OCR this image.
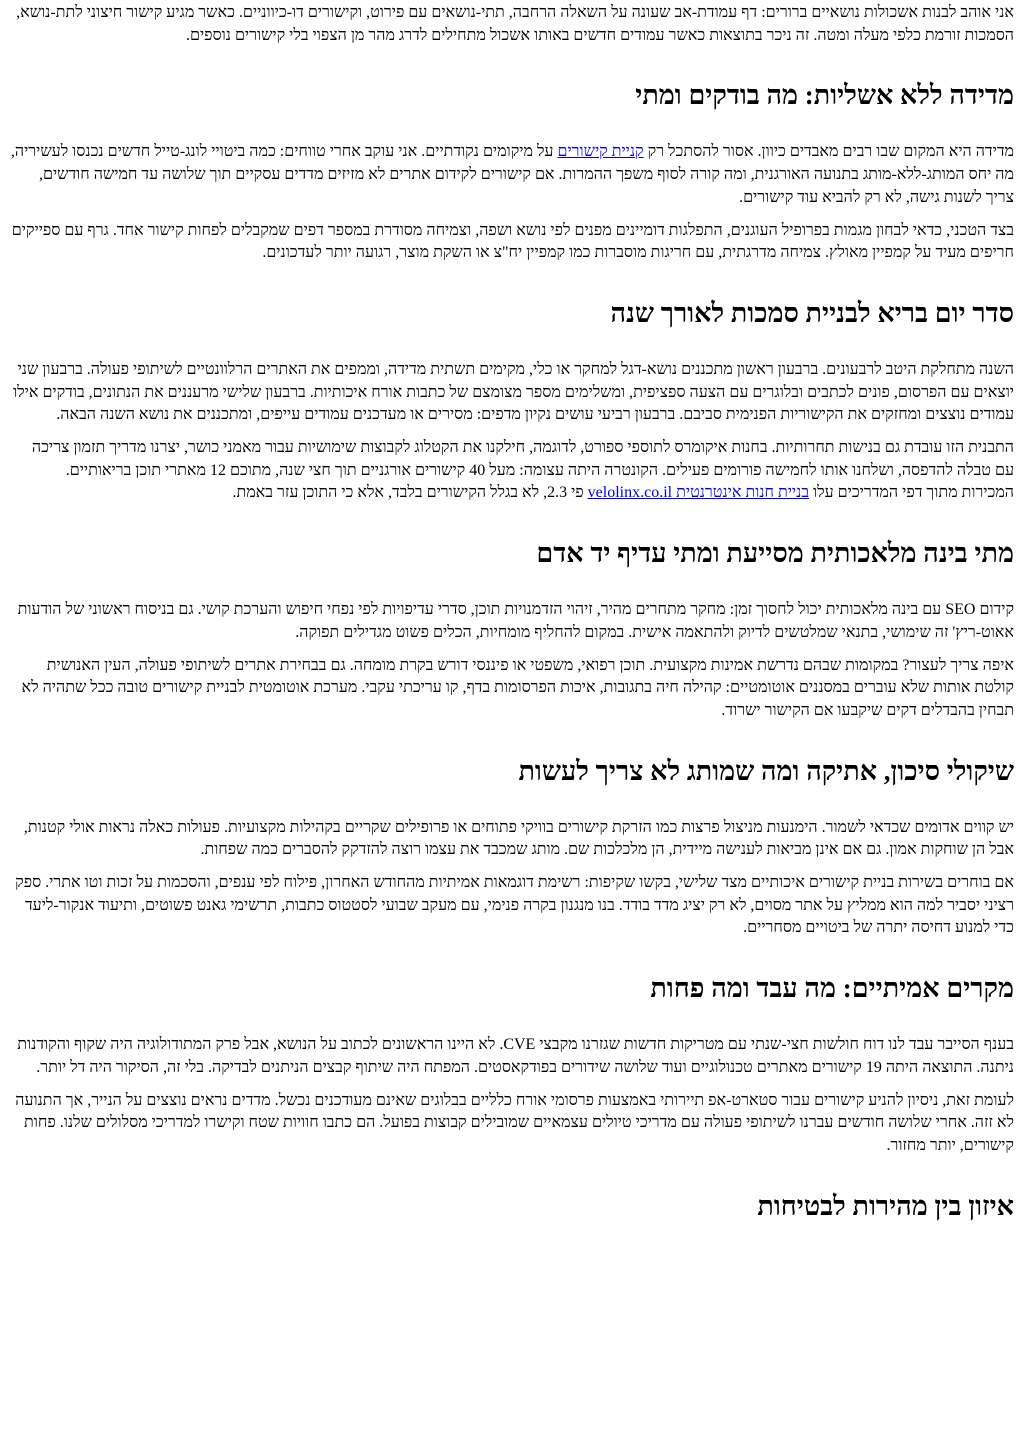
אני אוהב לבנות אשכולות נושאיים ברורים: דף עמודת-אב שעונה על השאלה הרחבה, תתי-נושאים עם פירוט, וקישורים דו-כיווניים. כאשר מגיע קישור חיצוני לתת-נושא, הסמכות זורמת כלפי מעלה ומטה. זה ניכר בתוצאות כאשר עמודים חדשים באותו אשכול מתחילים לדרג מהר מן הצפוי בלי קישורים נוספים.

מדידה ללא אשליות: מה בודקים ומתי

מדידה היא המקום שבו רבים מאבדים כיוון. אסור להסתכל רק קניית קישורים על מיקומים נקודתיים. אני עוקב אחרי טווחים: כמה ביטויי לונג-טייל חדשים נכנסו לעשיריה, מה יחס המותג-ללא-מותג בתנועה האורגנית, ומה קורה לסוף משפך ההמרות. אם קישורים לקידום אתרים לא מזיזים מדדים עסקיים תוך שלושה עד חמישה חודשים, צריך לשנות גישה, לא רק להביא עוד קישורים.

בצד הטכני, כדאי לבחון מגמות בפרופיל העוגנים, התפלגות דומיינים מפנים לפי נושא ושפה, וצמיחה מסודרת במספר דפים שמקבלים לפחות קישור אחד. גרף עם ספייקים חריפים מעיד על קמפיין מאולץ. צמיחה מדרגתית, עם חריגות מוסברות כמו קמפיין יח"צ או השקת מוצר, רגועה יותר לעדכונים.

סדר יום בריא לבניית סמכות לאורך שנה

השנה מתחלקת היטב לרבעונים. ברבעון ראשון מתכננים נושא-דגל למחקר או כלי, מקימים תשתית מדידה, וממפים את האתרים הרלוונטיים לשיתופי פעולה. ברבעון שני יוצאים עם הפרסום, פונים לכתבים ובלוגרים עם הצעה ספציפית, ומשלימים מספר מצומצם של כתבות אורח איכותיות. ברבעון שלישי מרעננים את הנתונים, בודקים אילו עמודים נוצצים ומחזקים את הקישוריות הפנימית סביבם. ברבעון רביעי עושים נקיון מדפים: מסירים או מעדכנים עמודים עייפים, ומתכננים את נושא השנה הבאה.

התבנית הזו עובדת גם בנישות תחרותיות. בחנות איקומרס לתוספי ספורט, לדוגמה, חילקנו את הקטלוג לקבוצות שימושיות עבור מאמני כושר, יצרנו מדריך תזמון צריכה עם טבלה להדפסה, ושלחנו אותו לחמישה פורומים פעילים. הקונטרה היתה עצומה: מעל 40 קישורים אורגניים תוך חצי שנה, מתוכם 12 מאתרי תוכן בריאותיים. המכירות מתוך דפי המדריכים עלו בניית חנות אינטרנטית velolinx.co.il פי 2.3, לא בגלל הקישורים בלבד, אלא כי התוכן עזר באמת.

מתי בינה מלאכותית מסייעת ומתי עדיף יד אדם

קידום SEO עם בינה מלאכותית יכול לחסוך זמן: מחקר מתחרים מהיר, זיהוי הזדמנויות תוכן, סדרי עדיפויות לפי נפחי חיפוש והערכת קושי. גם בניסוח ראשוני של הודעות אאוט-ריץ' זה שימושי, בתנאי שמלטשים לדיוק ולהתאמה אישית. במקום להחליף מומחיות, הכלים פשוט מגדילים תפוקה.

איפה צריך לעצור? במקומות שבהם נדרשת אמינות מקצועית. תוכן רפואי, משפטי או פיננסי דורש בקרת מומחה. גם בבחירת אתרים לשיתופי פעולה, העין האנושית קולטת אותות שלא עוברים במסננים אוטומטיים: קהילה חיה בתגובות, איכות הפרסומות בדף, קו עריכתי עקבי. מערכת אוטומטית לבניית קישורים טובה ככל שתהיה לא תבחין בהבדלים דקים שיקבעו אם הקישור ישרוד.

שיקולי סיכון, אתיקה ומה שמותג לא צריך לעשות

יש קווים אדומים שכדאי לשמור. הימנעות מניצול פרצות כמו הזרקת קישורים בוויקי פתוחים או פרופילים שקריים בקהילות מקצועיות. פעולות כאלה נראות אולי קטנות, אבל הן שוחקות אמון. גם אם אינן מביאות לענישה מיידית, הן מלכלכות שם. מותג שמכבד את עצמו רוצה להזדקק להסברים כמה שפחות.

אם בוחרים בשירות בניית קישורים איכותיים מצד שלישי, בקשו שקיפות: רשימת דוגמאות אמיתיות מהחודש האחרון, פילוח לפי ענפים, והסכמות על זכות וטו אתרי. ספק רציני יסביר למה הוא ממליץ על אתר מסוים, לא רק יציג מדד בודד. בנו מנגנון בקרה פנימי, עם מעקב שבועי לסטטוס כתבות, תרשימי גאנט פשוטים, ותיעוד אנקור-ליעד כדי למנוע דחיסה יתרה של ביטויים מסחריים.

מקרים אמיתיים: מה עבד ומה פחות

בענף הסייבר עבד לנו דוח חולשות חצי-שנתי עם מטריקות חדשות שגזרנו מקבצי CVE. לא היינו הראשונים לכתוב על הנושא, אבל פרק המתודולוגיה היה שקוף והקודנות ניתנה. התוצאה היתה 19 קישורים מאתרים טכנולוגיים ועוד שלושה שידורים בפודקאסטים. המפתח היה שיתוף קבצים הניתנים לבדיקה. בלי זה, הסיקור היה דל יותר.

לעומת זאת, ניסיון להניע קישורים עבור סטארט-אפ תיירותי באמצעות פרסומי אורח כלליים בבלוגים שאינם מעודכנים נכשל. מדדים נראים נוצצים על הנייר, אך התנועה לא זזה. אחרי שלושה חודשים עברנו לשיתופי פעולה עם מדריכי טיולים עצמאיים שמובילים קבוצות בפועל. הם כתבו חוויות שטח וקישרו למדריכי מסלולים שלנו. פחות קישורים, יותר מחזור.

איזון בין מהירות לבטיחות
